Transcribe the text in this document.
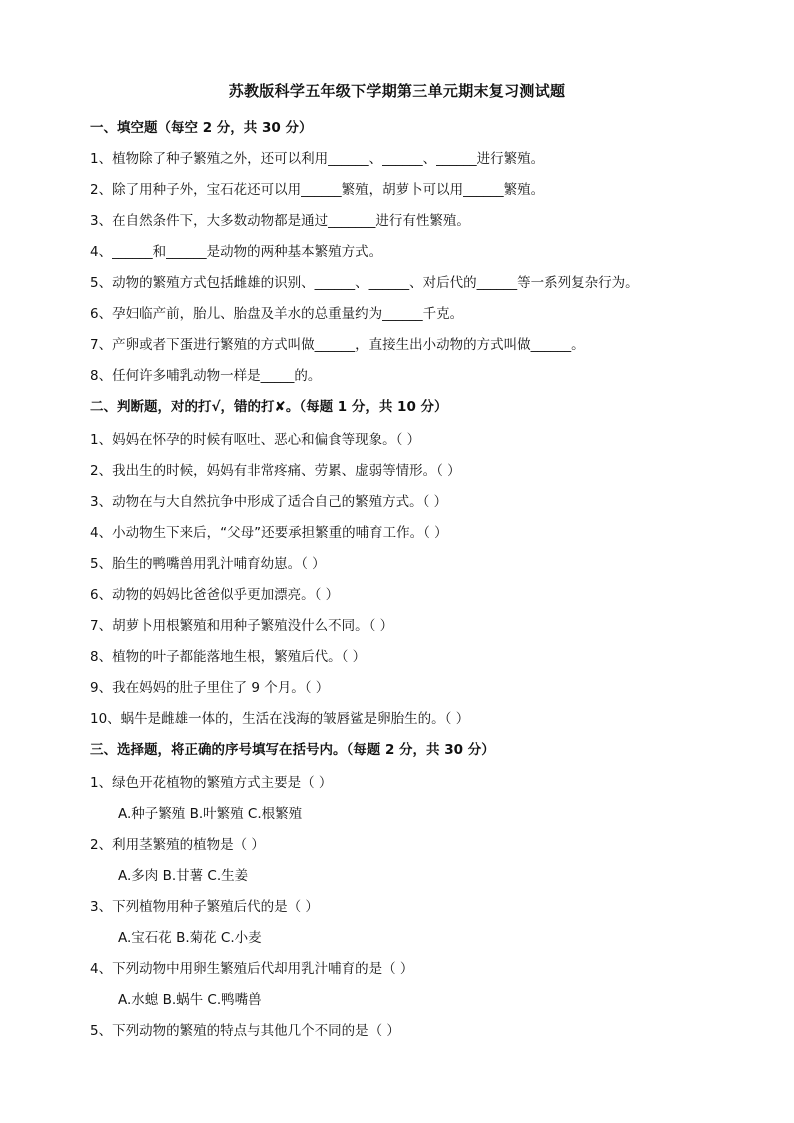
苏教版科学五年级下学期第三单元期末复习测试题
一、填空题（每空 2 分，共 30 分）
1、植物除了种子繁殖之外，还可以利用______、______、______进行繁殖。
2、除了用种子外，宝石花还可以用______繁殖，胡萝卜可以用______繁殖。
3、在自然条件下，大多数动物都是通过_______进行有性繁殖。
4、______和______是动物的两种基本繁殖方式。
5、动物的繁殖方式包括雌雄的识别、______、______、对后代的______等一系列复杂行为。
6、孕妇临产前，胎儿、胎盘及羊水的总重量约为______千克。
7、产卵或者下蛋进行繁殖的方式叫做______，直接生出小动物的方式叫做______。
8、任何许多哺乳动物一样是_____的。
二、判断题，对的打√，错的打✘。（每题 1 分，共 10 分）
1、妈妈在怀孕的时候有呕吐、恶心和偏食等现象。（ ）
2、我出生的时候，妈妈有非常疼痛、劳累、虚弱等情形。（ ）
3、动物在与大自然抗争中形成了适合自己的繁殖方式。（ ）
4、小动物生下来后，“父母”还要承担繁重的哺育工作。（ ）
5、胎生的鸭嘴兽用乳汁哺育幼崽。（ ）
6、动物的妈妈比爸爸似乎更加漂亮。（ ）
7、胡萝卜用根繁殖和用种子繁殖没什么不同。（ ）
8、植物的叶子都能落地生根，繁殖后代。（ ）
9、我在妈妈的肚子里住了 9 个月。（ ）
10、蜗牛是雌雄一体的，生活在浅海的皱唇鲨是卵胎生的。（ ）
三、选择题，将正确的序号填写在括号内。（每题 2 分，共 30 分）
1、绿色开花植物的繁殖方式主要是（ ）
A.种子繁殖 B.叶繁殖 C.根繁殖
2、利用茎繁殖的植物是（ ）
A.多肉 B.甘薯 C.生姜
3、下列植物用种子繁殖后代的是（ ）
A.宝石花 B.菊花 C.小麦
4、下列动物中用卵生繁殖后代却用乳汁哺育的是（ ）
A.水螅 B.蜗牛 C.鸭嘴兽
5、下列动物的繁殖的特点与其他几个不同的是（ ）
